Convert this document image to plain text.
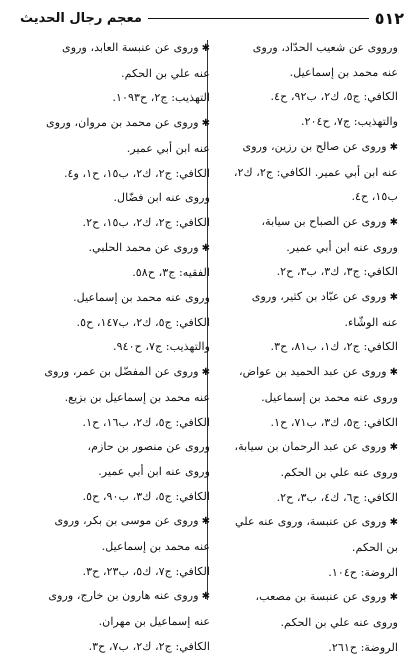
معجم رجال الحديث	٥١٢
ورووى عن شعيب الحدّاد، وروى
عنه محمد بن إسماعيل.
الكافي: ج٥، ك٢، ب٩٢، ح٤.
والتهذيب: ج٧، ح٢٠٤.
✱وروى عن صالح بن رزين، وروى
عنه ابن أبي عمير. الكافي: ج٢، ك٢،
ب١٥، ح٤.
✱وروى عن الصباح بن سيابة،
وروى عنه ابن أبي عمير.
الكافي: ج٣، ك٣، ب٣، ح٢.
✱وروى عن عبّاد بن كثير، وروى
عنه الوشّاء.
الكافي: ج٢، ك١، ب٨١، ح٣.
✱وروى عن عبد الحميد بن عواض،
وروى عنه محمد بن إسماعيل.
الكافي: ج٥، ك٣، ب٧١، ح١.
✱وروى عن عبد الرحمان بن سيابة،
وروى عنه علي بن الحكم.
الكافي: ج٦، ك٤، ب٣، ح٢.
✱وروى عن عنبسة، وروى عنه علي
بن الحكم.
الروضة: ح١٠٤.
✱وروى عن عنبسة بن مصعب،
وروى عنه علي بن الحكم.
الروضة: ح٢٦١.
✱وروى عن عنبسة العابد، وروى
عنه علي بن الحكم.
التهذيب: ج٢، ح١٠٩٣.
✱وروى عن محمد بن مروان، وروى
عنه ابن أبي عمير.
الكافي: ج٢، ك٢، ب١٥، ح١، و٤.
وروى عنه ابن فضّال.
الكافي: ج٢، ك٢، ب١٥، ح٢.
✱وروى عن محمد الحلبي.
الفقيه: ج٣، ح٥٨.
وروى عنه محمد بن إسماعيل.
الكافي: ج٥، ك٢، ب١٤٧، ح٥.
والتهذيب: ج٧، ح٩٤٠.
✱وروى عن المفضّل بن عمر، وروى
عنه محمد بن إسماعيل بن بزيع.
الكافي: ج٥، ك٢، ب١٦، ح١.
وروى عن منصور بن حازم،
وروى عنه ابن أبي عمير.
الكافي: ج٥، ك٣، ب٩٠، ح٥.
✱وروى عن موسى بن بكر، وروى
عنه محمد بن إسماعيل.
الكافي: ج٧، ك٥، ب٢٣، ح٣.
✱وروى عنه هارون بن خارج، وروى
عنه إسماعيل بن مهران.
الكافي: ج٢، ك٢، ب٧، ح٣.
